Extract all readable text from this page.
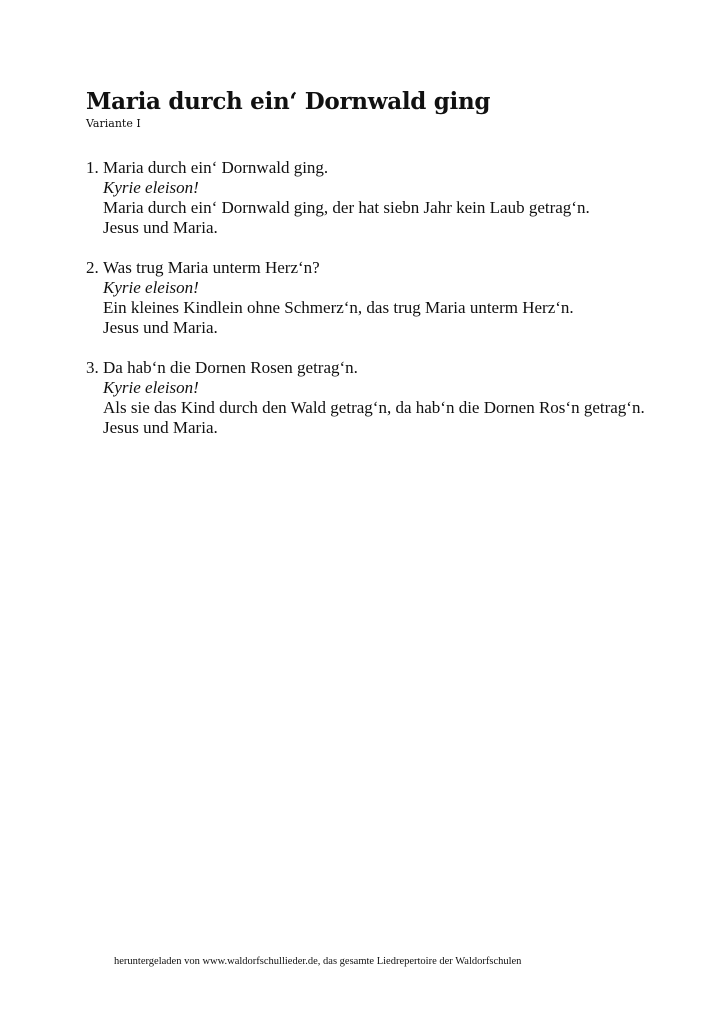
Maria durch ein‘ Dornwald ging

Variante I

1. Maria durch ein‘ Dornwald ging.
Kyrie eleison!
Maria durch ein‘ Dornwald ging, der hat siebn Jahr kein Laub getrag‘n.
Jesus und Maria.
2. Was trug Maria unterm Herz‘n?
Kyrie eleison!
Ein kleines Kindlein ohne Schmerz‘n, das trug Maria unterm Herz‘n.
Jesus und Maria.
3. Da hab‘n die Dornen Rosen getrag‘n.
Kyrie eleison!
Als sie das Kind durch den Wald getrag‘n, da hab‘n die Dornen Ros‘n getrag‘n.
Jesus und Maria.

heruntergeladen von www.waldorfschullieder.de, das gesamte Liedrepertoire der Waldorfschulen
